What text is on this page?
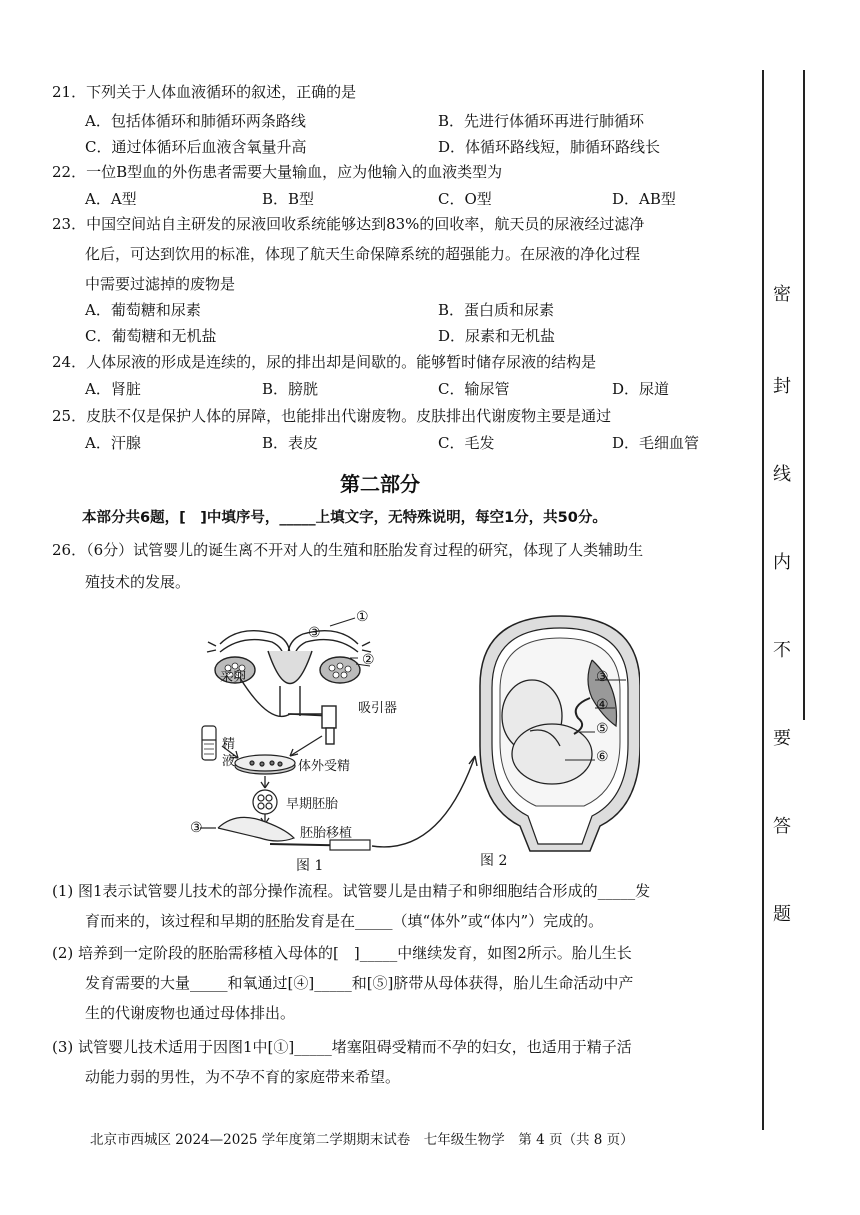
21．下列关于人体血液循环的叙述，正确的是
A．包括体循环和肺循环两条路线	B．先进行体循环再进行肺循环
C．通过体循环后血液含氧量升高	D．体循环路线短，肺循环路线长
22．一位B型血的外伤患者需要大量输血，应为他输入的血液类型为
A．A型	B．B型	C．O型	D．AB型
23．中国空间站自主研发的尿液回收系统能够达到83%的回收率，航天员的尿液经过滤净
化后，可达到饮用的标准，体现了航天生命保障系统的超强能力。在尿液的净化过程
中需要过滤掉的废物是
A．葡萄糖和尿素	B．蛋白质和尿素
C．葡萄糖和无机盐	D．尿素和无机盐
24．人体尿液的形成是连续的，尿的排出却是间歇的。能够暂时储存尿液的结构是
A．肾脏	B．膀胱	C．输尿管	D．尿道
25．皮肤不仅是保护人体的屏障，也能排出代谢废物。皮肤排出代谢废物主要是通过
A．汗腺	B．表皮	C．毛发	D．毛细血管
第二部分
本部分共6题，[　]中填序号，_____上填文字，无特殊说明，每空1分，共50分。
26．（6分）试管婴儿的诞生离不开对人的生殖和胚胎发育过程的研究，体现了人类辅助生
殖技术的发展。
①
③
②
采卵
吸引器
精
液	体外受精
早期胚胎
③	胚胎移植
图 1
③
④
⑤
⑥
图 2
(1) 图1表示试管婴儿技术的部分操作流程。试管婴儿是由精子和卵细胞结合形成的_____发
育而来的，该过程和早期的胚胎发育是在_____（填“体外”或“体内”）完成的。
(2) 培养到一定阶段的胚胎需移植入母体的[　]_____中继续发育，如图2所示。胎儿生长
发育需要的大量_____和氧通过[④]_____和[⑤]脐带从母体获得，胎儿生命活动中产
生的代谢废物也通过母体排出。
(3) 试管婴儿技术适用于因图1中[①]_____堵塞阻碍受精而不孕的妇女，也适用于精子活
动能力弱的男性，为不孕不育的家庭带来希望。
北京市西城区 2024—2025 学年度第二学期期末试卷　七年级生物学　第 4 页（共 8 页）
密
封
线
内
不
要
答
题
